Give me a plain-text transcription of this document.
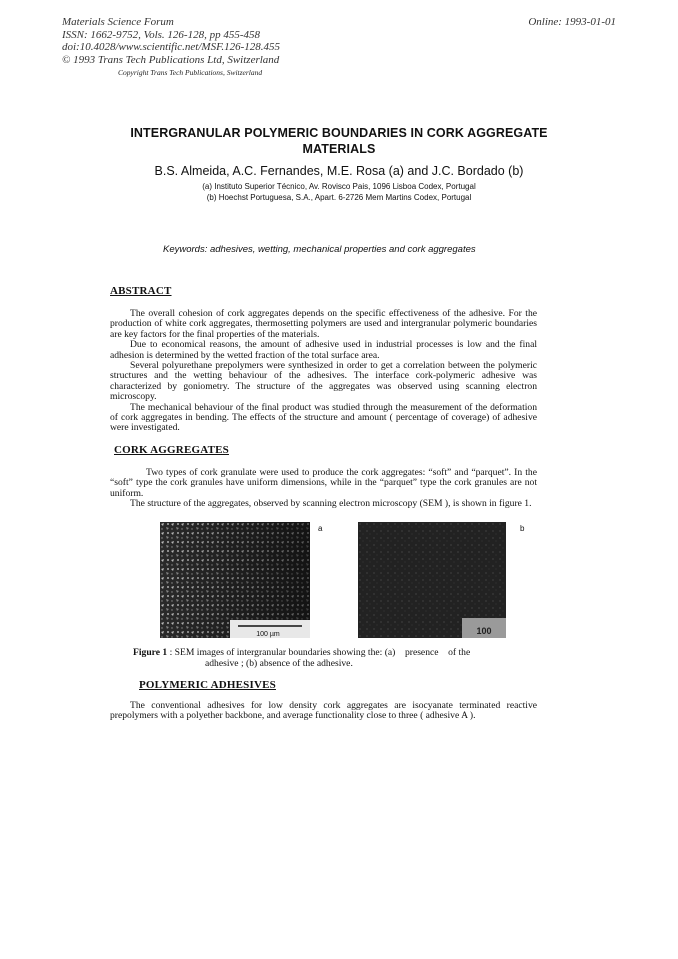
Materials Science Forum
ISSN: 1662-9752, Vols. 126-128, pp 455-458
doi:10.4028/www.scientific.net/MSF.126-128.455
© 1993 Trans Tech Publications Ltd, Switzerland
Online: 1993-01-01
Copyright Trans Tech Publications, Switzerland
INTERGRANULAR POLYMERIC BOUNDARIES IN CORK AGGREGATE
MATERIALS
B.S. Almeida, A.C. Fernandes, M.E. Rosa (a) and J.C. Bordado (b)
(a) Instituto Superior Técnico, Av. Rovisco Pais, 1096 Lisboa Codex, Portugal
(b) Hoechst Portuguesa, S.A., Apart. 6-2726 Mem Martins Codex, Portugal
Keywords: adhesives, wetting, mechanical properties and cork aggregates
ABSTRACT

The overall cohesion of cork aggregates depends on the specific effectiveness of the adhesive. For the production of white cork aggregates, thermosetting polymers are used and intergranular polymeric boundaries are key factors for the final properties of the materials.

Due to economical reasons, the amount of adhesive used in industrial processes is low and the final adhesion is determined by the wetted fraction of the total surface area.

Several polyurethane prepolymers were synthesized in order to get a correlation between the polymeric structures and the wetting behaviour of the adhesives. The interface cork-polymeric adhesive was characterized by goniometry. The structure of the aggregates was observed using scanning electron microscopy.

The mechanical behaviour of the final product was studied through the measurement of the deformation of cork aggregates in bending. The effects of the structure and amount ( percentage of coverage) of adhesive were investigated.

CORK AGGREGATES

Two types of cork granulate were used to produce the cork aggregates: “soft” and “parquet”. In the “soft” type the cork granules have uniform dimensions, while in the “parquet” type the cork granules are not uniform.

The structure of the aggregates, observed by scanning electron microscopy (SEM ), is shown in figure 1.

100 µm
a
100
b
Figure 1 : SEM images of intergranular boundaries showing the: (a)    presence    of the
adhesive ; (b) absence of the adhesive.
POLYMERIC ADHESIVES

The conventional adhesives for low density cork aggregates are isocyanate terminated reactive prepolymers with a polyether backbone, and average functionality close to three ( adhesive A ).
